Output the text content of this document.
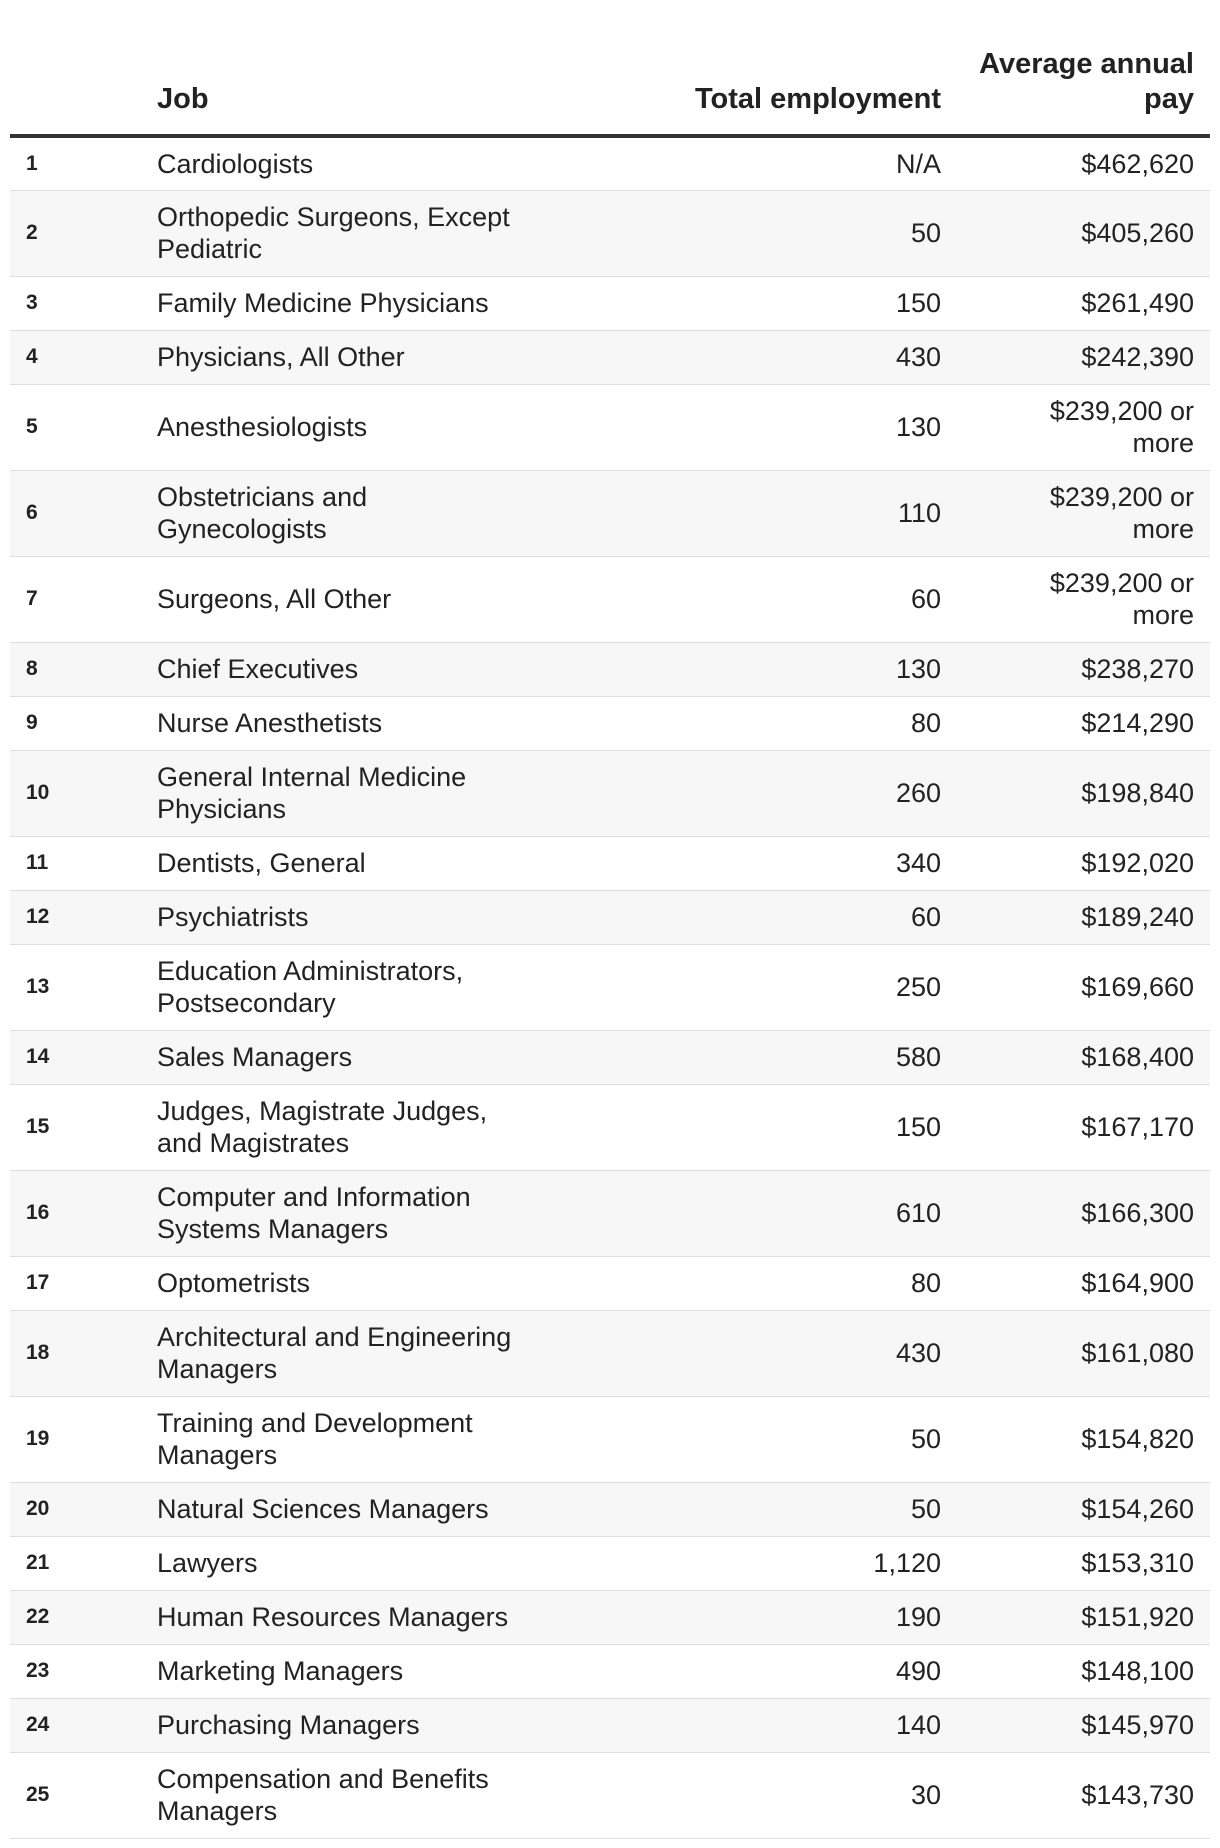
	Job	Total employment	Average annual pay
1	Cardiologists	N/A	$462,620
2	Orthopedic Surgeons, Except Pediatric	50	$405,260
3	Family Medicine Physicians	150	$261,490
4	Physicians, All Other	430	$242,390
5	Anesthesiologists	130	$239,200 or more
6	Obstetricians and Gynecologists	110	$239,200 or more
7	Surgeons, All Other	60	$239,200 or more
8	Chief Executives	130	$238,270
9	Nurse Anesthetists	80	$214,290
10	General Internal Medicine Physicians	260	$198,840
11	Dentists, General	340	$192,020
12	Psychiatrists	60	$189,240
13	Education Administrators, Postsecondary	250	$169,660
14	Sales Managers	580	$168,400
15	Judges, Magistrate Judges, and Magistrates	150	$167,170
16	Computer and Information Systems Managers	610	$166,300
17	Optometrists	80	$164,900
18	Architectural and Engineering Managers	430	$161,080
19	Training and Development Managers	50	$154,820
20	Natural Sciences Managers	50	$154,260
21	Lawyers	1,120	$153,310
22	Human Resources Managers	190	$151,920
23	Marketing Managers	490	$148,100
24	Purchasing Managers	140	$145,970
25	Compensation and Benefits Managers	30	$143,730
